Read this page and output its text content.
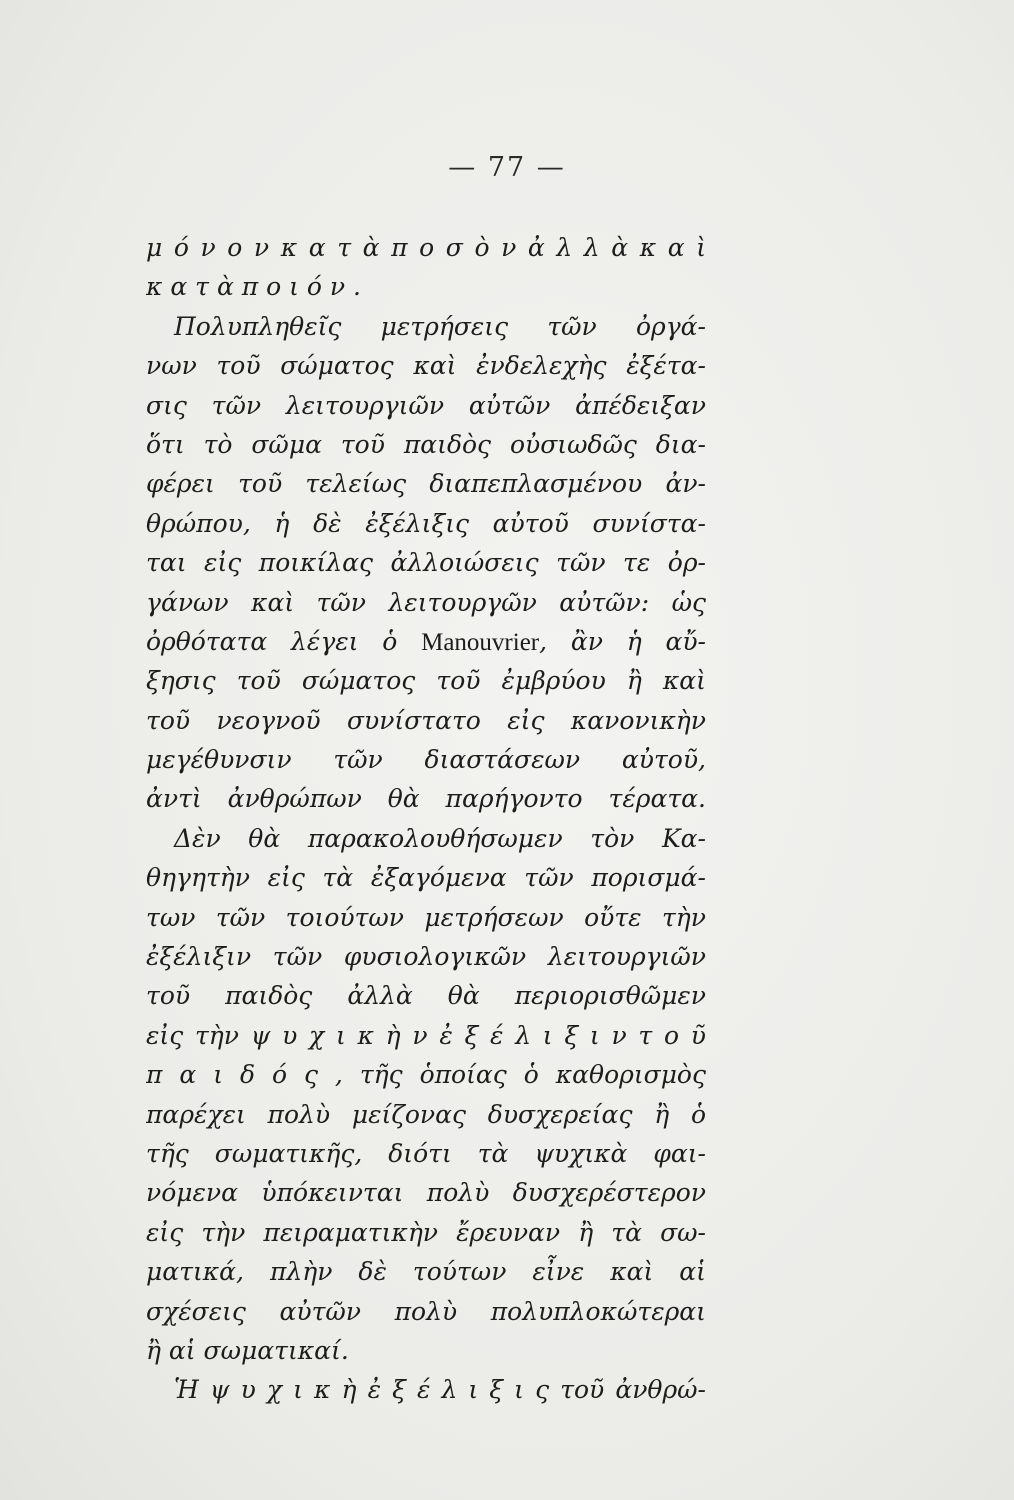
— 77 —
μ ό ν ο ν κ α τ ὰ π ο σ ὸ ν ἀ λ λ ὰ κ α ὶ
κ α τ ὰ π ο ι ό ν .
Πολυπληθεῖς μετρήσεις τῶν ὀργά-
νων τοῦ σώματος καὶ ἐνδελεχὴς ἐξέτα-
σις τῶν λειτουργιῶν αὐτῶν ἀπέδειξαν
ὅτι τὸ σῶμα τοῦ παιδὸς οὐσιωδῶς δια-
φέρει τοῦ τελείως διαπεπλασμένου ἀν-
θρώπου, ἡ δὲ ἐξέλιξις αὐτοῦ συνίστα-
ται εἰς ποικίλας ἀλλοιώσεις τῶν τε ὀρ-
γάνων καὶ τῶν λειτουργῶν αὐτῶν: ὡς
ὀρθότατα λέγει ὁ Manouvrier, ἂν ἡ αὔ-
ξησις τοῦ σώματος τοῦ ἐμβρύου ἢ καὶ
τοῦ νεογνοῦ συνίστατο εἰς κανονικὴν
μεγέθυνσιν τῶν διαστάσεων αὐτοῦ,
ἀντὶ ἀνθρώπων θὰ παρήγοντο τέρατα.
Δὲν θὰ παρακολουθήσωμεν τὸν Κα-
θηγητὴν εἰς τὰ ἐξαγόμενα τῶν πορισμά-
των τῶν τοιούτων μετρήσεων οὔτε τὴν
ἐξέλιξιν τῶν φυσιολογικῶν λειτουργιῶν
τοῦ παιδὸς ἀλλὰ θὰ περιορισθῶμεν
εἰς τὴν ψ υ χ ι κ ὴ ν ἐ ξ έ λ ι ξ ι ν τ ο ῦ
π α ι δ ό ς , τῆς ὁποίας ὁ καθορισμὸς
παρέχει πολὺ μείζονας δυσχερείας ἢ ὁ
τῆς σωματικῆς, διότι τὰ ψυχικὰ φαι-
νόμενα ὑπόκεινται πολὺ δυσχερέστερον
εἰς τὴν πειραματικὴν ἔρευναν ἢ τὰ σω-
ματικά, πλὴν δὲ τούτων εἶνε καὶ αἱ
σχέσεις αὐτῶν πολὺ πολυπλοκώτεραι
ἢ αἱ σωματικαί.
Ἡ ψ υ χ ι κ ὴ ἐ ξ έ λ ι ξ ι ς τοῦ ἀνθρώ-
